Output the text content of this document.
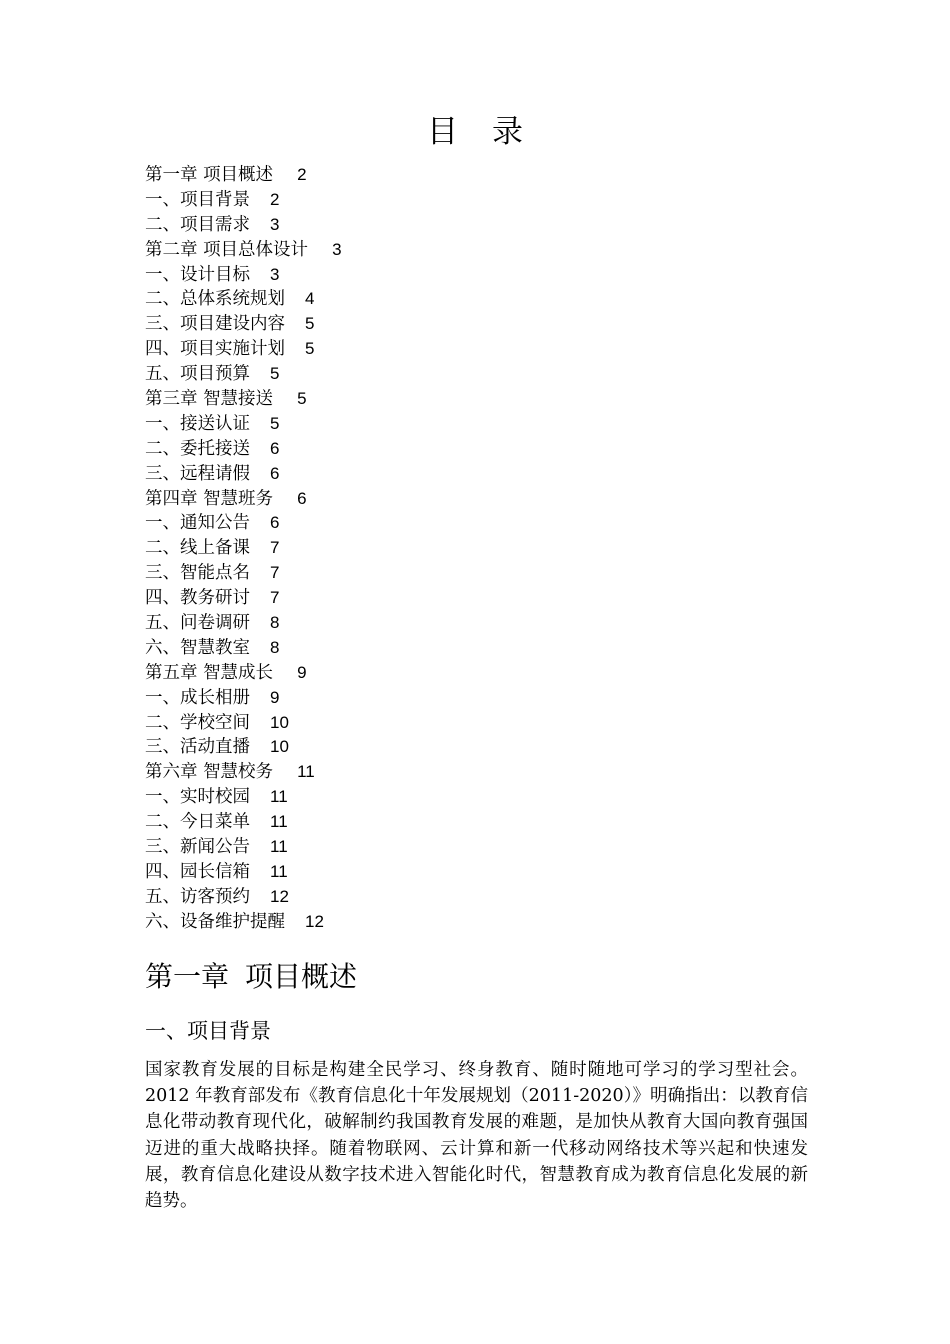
目 录
第一章 项目概述 2
一、项目背景 2
二、项目需求 3
第二章 项目总体设计 3
一、设计目标 3
二、总体系统规划 4
三、项目建设内容 5
四、项目实施计划 5
五、项目预算 5
第三章 智慧接送 5
一、接送认证 5
二、委托接送 6
三、远程请假 6
第四章 智慧班务 6
一、通知公告 6
二、线上备课 7
三、智能点名 7
四、教务研讨 7
五、问卷调研 8
六、智慧教室 8
第五章 智慧成长 9
一、成长相册 9
二、学校空间 10
三、活动直播 10
第六章 智慧校务 11
一、实时校园 11
二、今日菜单 11
三、新闻公告 11
四、园长信箱 11
五、访客预约 12
六、设备维护提醒 12
第一章 项目概述
一、项目背景
国家教育发展的目标是构建全民学习、终身教育、随时随地可学习的学习型社会。2012 年教育部发布《教育信息化十年发展规划（2011-2020）》明确指出：以教育信息化带动教育现代化，破解制约我国教育发展的难题，是加快从教育大国向教育强国迈进的重大战略抉择。随着物联网、云计算和新一代移动网络技术等兴起和快速发展，教育信息化建设从数字技术进入智能化时代，智慧教育成为教育信息化发展的新趋势。
